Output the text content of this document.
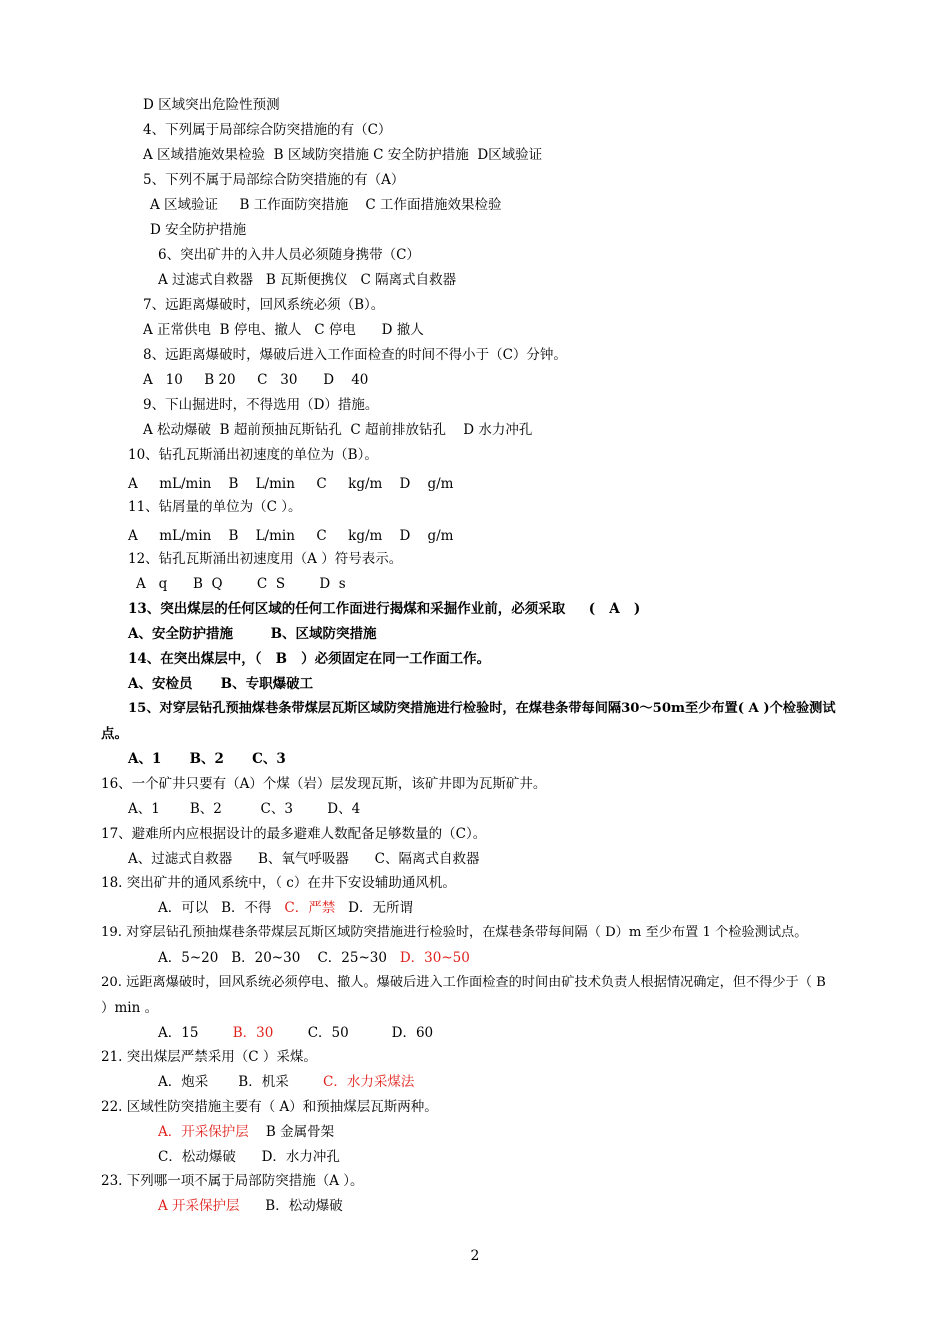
D 区域突出危险性预测
4、下列属于局部综合防突措施的有（C）
A 区域措施效果检验  B 区域防突措施 C 安全防护措施  D区域验证
5、下列不属于局部综合防突措施的有（A）
A 区域验证     B 工作面防突措施    C 工作面措施效果检验
D 安全防护措施
6、突出矿井的入井人员必须随身携带（C）
A 过滤式自救器   B 瓦斯便携仪   C 隔离式自救器
7、远距离爆破时，回风系统必须（B）。
A 正常供电  B 停电、撤人   C 停电      D 撤人
8、远距离爆破时，爆破后进入工作面检查的时间不得小于（C）分钟。
A   10     B 20     C   30      D    40
9、下山掘进时，不得选用（D）措施。
A 松动爆破  B 超前预抽瓦斯钻孔  C 超前排放钻孔    D 水力冲孔
10、钻孔瓦斯涌出初速度的单位为（B）。
A     mL/min    B    L/min     C     kg/m    D    g/m
11、钻屑量的单位为（C ）。
A     mL/min    B    L/min     C     kg/m    D    g/m
12、钻孔瓦斯涌出初速度用（A ）符号表示。
A   q      B  Q        C  S        D  s
13、突出煤层的任何区域的任何工作面进行揭煤和采掘作业前，必须采取     (   A   )
A、安全防护措施        B、区域防突措施
14、在突出煤层中，（   B   ）必须固定在同一工作面工作。
A、安检员      B、专职爆破工
15、对穿层钻孔预抽煤巷条带煤层瓦斯区域防突措施进行检验时，在煤巷条带每间隔30～50m至少布置( A )个检验测试
点。
A、1      B、2      C、3
16、一个矿井只要有（A）个煤（岩）层发现瓦斯，该矿井即为瓦斯矿井。
A、1       B、2         C、3        D、4
17、避难所内应根据设计的最多避难人数配备足够数量的（C）。
A、过滤式自救器      B、氧气呼吸器      C、隔离式自救器
18. 突出矿井的通风系统中，（ c）在井下安设辅助通风机。
A．可以   B．不得   C．严禁   D．无所谓
19. 对穿层钻孔预抽煤巷条带煤层瓦斯区域防突措施进行检验时，在煤巷条带每间隔（ D）m 至少布置 1 个检验测试点。
A．5~20   B．20~30    C．25~30   D．30~50
20. 远距离爆破时，回风系统必须停电、撤人。爆破后进入工作面检查的时间由矿技术负责人根据情况确定，但不得少于（ B
）min 。
A．15        B．30        C．50          D．60
21. 突出煤层严禁采用（C ）采煤。
A．炮采       B．机采        C．水力采煤法
22. 区域性防突措施主要有（ A）和预抽煤层瓦斯两种。
A．开采保护层    B 金属骨架
C．松动爆破      D．水力冲孔
23. 下列哪一项不属于局部防突措施（A ）。
A 开采保护层      B．松动爆破
2
